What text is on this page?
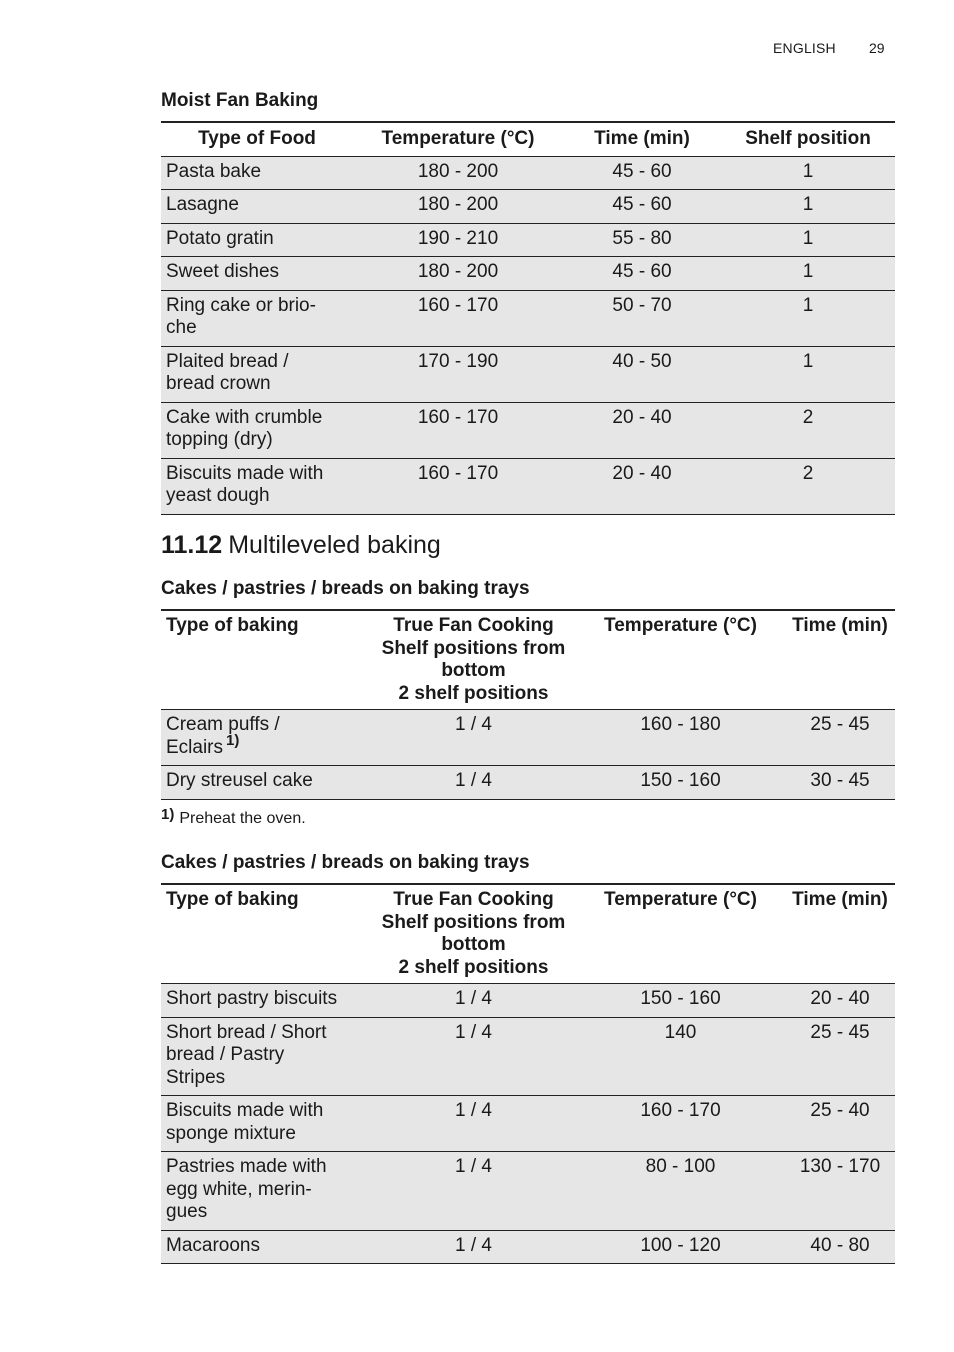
ENGLISH 29
Moist Fan Baking
Type of Food	Temperature (°C)	Time (min)	Shelf position
Pasta bake	180 - 200	45 - 60	1
Lasagne	180 - 200	45 - 60	1
Potato gratin	190 - 210	55 - 80	1
Sweet dishes	180 - 200	45 - 60	1
Ring cake or brio-
che	160 - 170	50 - 70	1
Plaited bread /
bread crown	170 - 190	40 - 50	1
Cake with crumble
topping (dry)	160 - 170	20 - 40	2
Biscuits made with
yeast dough	160 - 170	20 - 40	2
11.12 Multileveled baking
Cakes / pastries / breads on baking trays
Type of baking	True Fan Cooking
Shelf positions from
bottom
2 shelf positions	Temperature (°C)	Time (min)
Cream puffs /
Eclairs $^{1)}$	1 / 4	160 - 180	25 - 45
Dry streusel cake	1 / 4	150 - 160	30 - 45
1) Preheat the oven.
Cakes / pastries / breads on baking trays
Type of baking	True Fan Cooking
Shelf positions from
bottom
2 shelf positions	Temperature (°C)	Time (min)
Short pastry biscuits	1 / 4	150 - 160	20 - 40
Short bread / Short
bread / Pastry
Stripes	1 / 4	140	25 - 45
Biscuits made with
sponge mixture	1 / 4	160 - 170	25 - 40
Pastries made with
egg white, merin-
gues	1 / 4	80 - 100	130 - 170
Macaroons	1 / 4	100 - 120	40 - 80
